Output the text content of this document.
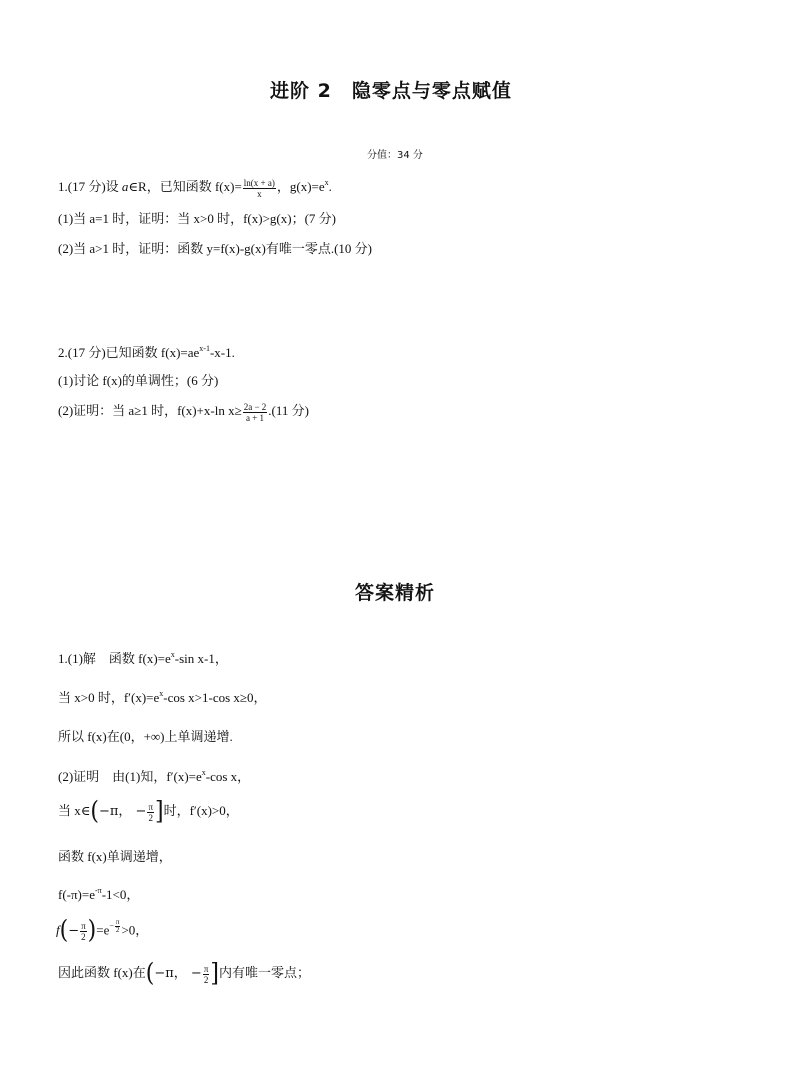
进阶 2　隐零点与零点赋值
分值：34 分
1.(17 分)设 a∈R，已知函数 $f(x)= \frac{\ln(x + a)}{x}$ ，$g(x)=e^x$.
(1)当 a=1 时，证明：当 x>0 时，f(x)>g(x)；(7 分)
(2)当 a>1 时，证明：函数 y=f(x)-g(x)有唯一零点.(10 分)
2.(17 分)已知函数 $f(x)=ae^{x-1}-x-1$.
(1)讨论 f(x)的单调性；(6 分)
(2)证明：当 a≥1 时，f(x)+x-ln $x\ge \frac{2a - 2}{a + 1} .(11$ 分)
答案精析
1.(1)解　函数 $f(x)=e^x-\sin$ x-1，
当 x>0 时，$f'(x)=e^x-\cos$ x>1-cos x≥0，
所以 f(x)在(0，+∞)上单调递增.
(2)证明　由(1)知，$f'(x)=e^x-\cos$ x，
当 x∈(−π， − $\frac{\pi}{2}$ ]时，f′(x)>0，
函数 f(x)单调递增，
$f(-\pi)=e^{-\pi}-1<0$，
$f(- \frac{\pi}{2} )=e^{- \frac{\pi}{2}} >0$，
因此函数 f(x)在(−π， − $\frac{\pi}{2}$ ]内有唯一零点；
